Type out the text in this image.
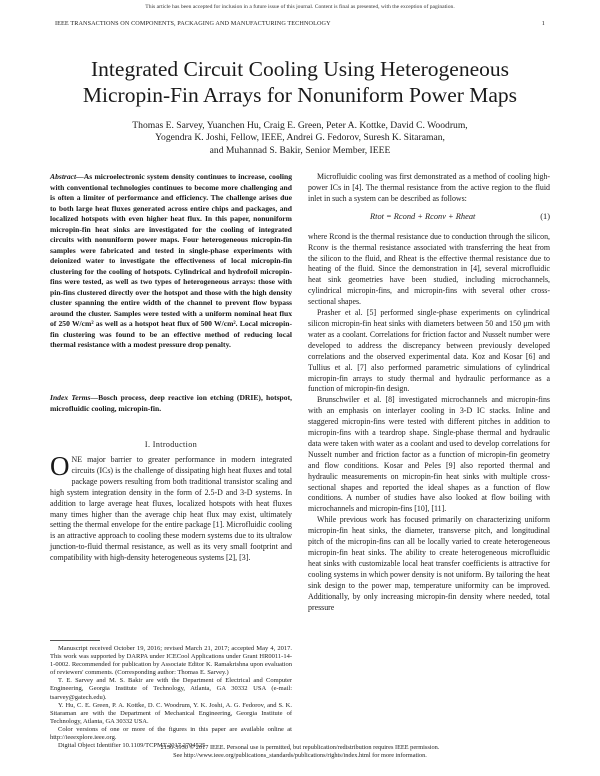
This article has been accepted for inclusion in a future issue of this journal. Content is final as presented, with the exception of pagination.
IEEE TRANSACTIONS ON COMPONENTS, PACKAGING AND MANUFACTURING TECHNOLOGY	1
Integrated Circuit Cooling Using Heterogeneous
Micropin-Fin Arrays for Nonuniform Power Maps
Thomas E. Sarvey, Yuanchen Hu, Craig E. Green, Peter A. Kottke, David C. Woodrum,
Yogendra K. Joshi, Fellow, IEEE, Andrei G. Fedorov, Suresh K. Sitaraman,
and Muhannad S. Bakir, Senior Member, IEEE

Abstract—As microelectronic system density continues to increase, cooling with conventional technologies continues to become more challenging and is often a limiter of performance and efficiency. The challenge arises due to both large heat fluxes generated across entire chips and packages, and localized hotspots with even higher heat flux. In this paper, nonuniform micropin-fin heat sinks are investigated for the cooling of integrated circuits with nonuniform power maps. Four heterogeneous micropin-fin samples were fabricated and tested in single-phase experiments with deionized water to investigate the effectiveness of local micropin-fin clustering for the cooling of hotspots. Cylindrical and hydrofoil micropin-fins were tested, as well as two types of heterogeneous arrays: those with pin-fins clustered directly over the hotspot and those with the high density cluster spanning the entire width of the channel to prevent flow bypass around the cluster. Samples were tested with a uniform nominal heat flux of 250 W/cm² as well as a hotspot heat flux of 500 W/cm². Local micropin-fin clustering was found to be an effective method of reducing local thermal resistance with a modest pressure drop penalty.

Index Terms—Bosch process, deep reactive ion etching (DRIE), hotspot, microfluidic cooling, micropin-fin.

I. Introduction

ONE major barrier to greater performance in modern integrated circuits (ICs) is the challenge of dissipating high heat fluxes and total package powers resulting from both traditional transistor scaling and high system integration density in the form of 2.5-D and 3-D systems. In addition to large average heat fluxes, localized hotspots with heat fluxes many times higher than the average chip heat flux may exist, ultimately setting the thermal envelope for the entire package [1]. Microfluidic cooling is an attractive approach to cooling these modern systems due to its ultralow junction-to-fluid thermal resistance, as well as its very small footprint and compatibility with high-density heterogeneous systems [2], [3].

Manuscript received October 19, 2016; revised March 21, 2017; accepted May 4, 2017. This work was supported by DARPA under ICECool Applications under Grant HR0011-14-1-0002. Recommended for publication by Associate Editor K. Ramakrishna upon evaluation of reviewers' comments. (Corresponding author: Thomas E. Sarvey.)

T. E. Sarvey and M. S. Bakir are with the Department of Electrical and Computer Engineering, Georgia Institute of Technology, Atlanta, GA 30332 USA (e-mail: tsarvey@gatech.edu).

Y. Hu, C. E. Green, P. A. Kottke, D. C. Woodrum, Y. K. Joshi, A. G. Fedorov, and S. K. Sitaraman are with the Department of Mechanical Engineering, Georgia Institute of Technology, Atlanta, GA 30332 USA.

Color versions of one or more of the figures in this paper are available online at http://ieeexplore.ieee.org.

Digital Object Identifier 10.1109/TCPMT.2017.2704525

Microfluidic cooling was first demonstrated as a method of cooling high-power ICs in [4]. The thermal resistance from the active region to the fluid inlet in such a system can be described as follows:

Rtot = Rcond + Rconv + Rheat	(1)

where Rcond is the thermal resistance due to conduction through the silicon, Rconv is the thermal resistance associated with transferring the heat from the silicon to the fluid, and Rheat is the effective thermal resistance due to heating of the fluid. Since the demonstration in [4], several microfluidic heat sink geometries have been studied, including microchannels, cylindrical micropin-fins, and micropin-fins with several other cross-sectional shapes.

Prasher et al. [5] performed single-phase experiments on cylindrical silicon micropin-fin heat sinks with diameters between 50 and 150 μm with water as a coolant. Correlations for friction factor and Nusselt number were developed to address the discrepancy between previously developed correlations and the observed experimental data. Koz and Kosar [6] and Tullius et al. [7] also performed parametric simulations of cylindrical micropin-fin arrays to study thermal and hydraulic performance as a function of micropin-fin design.

Brunschwiler et al. [8] investigated microchannels and micropin-fins with an emphasis on interlayer cooling in 3-D IC stacks. Inline and staggered micropin-fins were tested with different pitches in addition to micropin-fins with a teardrop shape. Single-phase thermal and hydraulic data were taken with water as a coolant and used to develop correlations for Nusselt number and friction factor as a function of micropin-fin geometry and flow conditions. Kosar and Peles [9] also reported thermal and hydraulic measurements on micropin-fin heat sinks with multiple cross-sectional shapes and reported the ideal shapes as a function of flow conditions. A number of studies have also looked at flow boiling with microchannels and micropin-fins [10], [11].

While previous work has focused primarily on characterizing uniform micropin-fin heat sinks, the diameter, transverse pitch, and longitudinal pitch of the micropin-fins can all be locally varied to create heterogeneous micropin-fin heat sinks. The ability to create heterogeneous microfluidic heat sinks with customizable local heat transfer coefficients is attractive for cooling systems in which power density is not uniform. By tailoring the heat sink design to the power map, temperature uniformity can be improved. Additionally, by only increasing micropin-fin density where needed, total pressure

2156-3950 © 2017 IEEE. Personal use is permitted, but republication/redistribution requires IEEE permission.
See http://www.ieee.org/publications_standards/publications/rights/index.html for more information.
